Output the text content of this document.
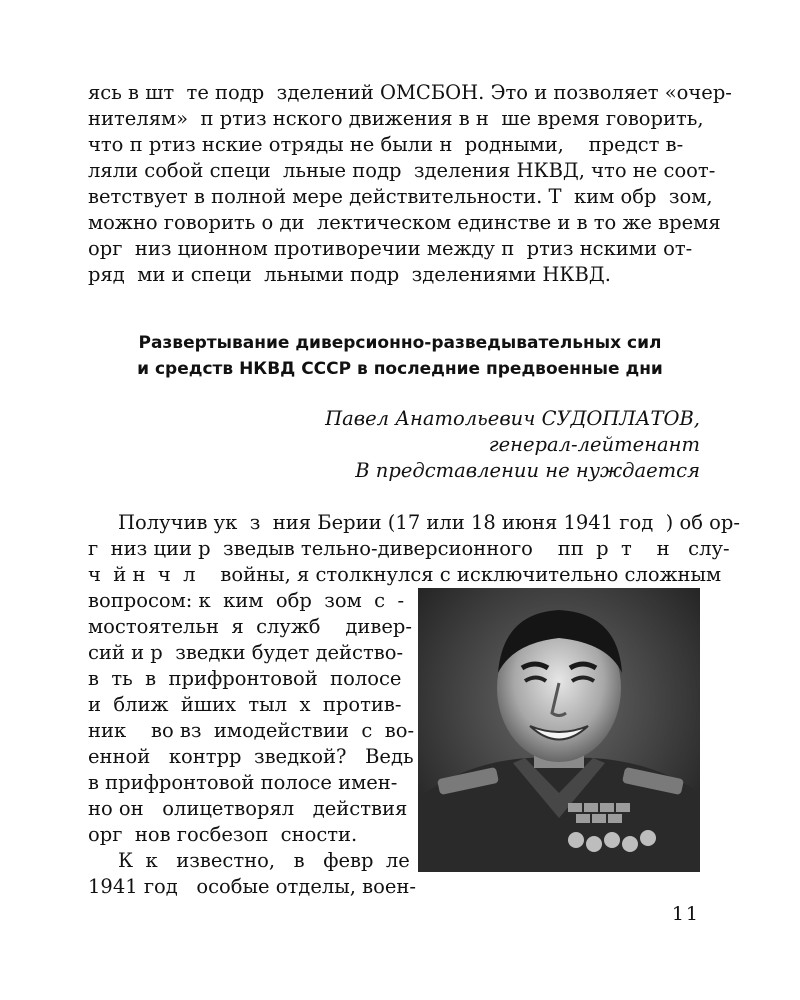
ясь в шт  те подр  зделений ОМСБОН. Это и позволяет «очер-
нителям»  п ртиз нского движения в н  ше время говорить,
что п ртиз нские отряды не были н  родными,    предст в-
ляли собой специ  льные подр  зделения НКВД, что не соот-
ветствует в полной мере действительности. Т  ким обр  зом,
можно говорить о ди  лектическом единстве и в то же время
орг  низ ционном противоречии между п  ртиз нскими от-
ряд  ми и специ  льными подр  зделениями НКВД.
Развертывание диверсионно-разведывательных сил
и средств НКВД СССР в последние предвоенные дни
Павел Анатольевич СУДОПЛАТОВ,
генерал-лейтенант
В представлении не нуждается
Получив ук  з  ния Берии (17 или 18 июня 1941 год  ) об ор-
г  низ ции р  зведыв тельно-диверсионного    пп  р  т    н   слу-
ч  й н  ч  л    войны, я столкнулся с исключительно сложным
вопросом: к  ким  обр  зом  с  -
мостоятельн  я  служб    дивер-
сий и р  зведки будет действо-
в  ть  в  прифронтовой  полосе
и  ближ  йших  тыл  х  против-
ник    во вз  имодействии  с  во-
енной   контрр  зведкой?   Ведь
в прифронтовой полосе имен-
но он   олицетворял   действия
орг  нов госбезоп  сности.
К  к   известно,   в   февр  ле
1941 год   особые отделы, воен-
11
